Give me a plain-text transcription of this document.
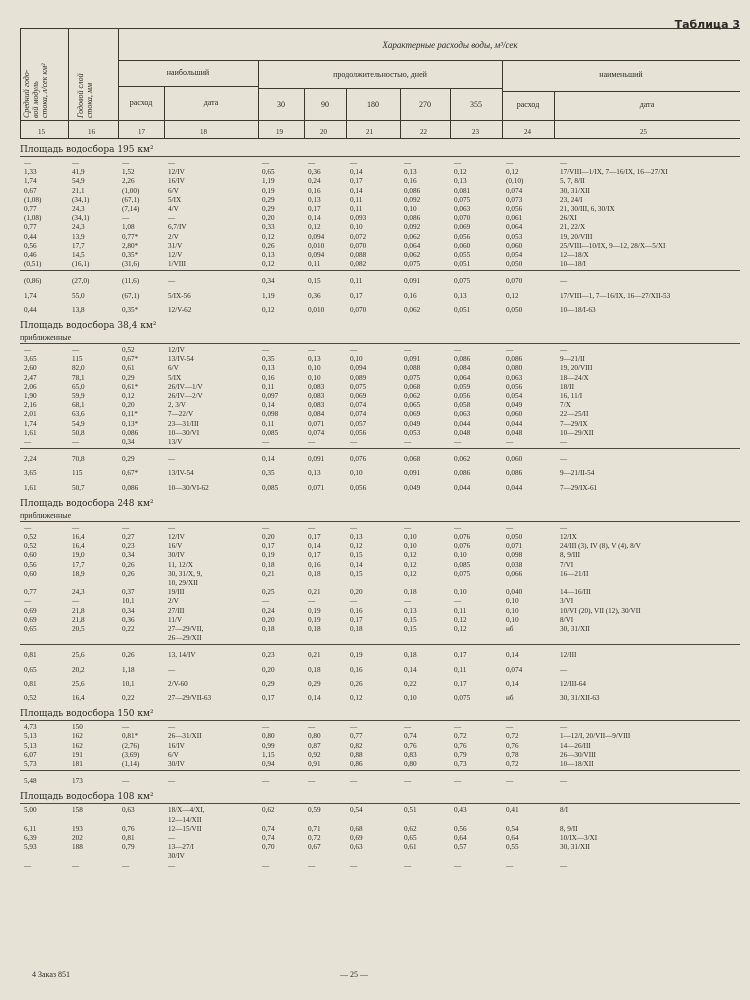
Таблица 3
Средний годо-
вой модуль
стока, л/сек км²
Годовой слой
стока, мм
Характерные расходы воды, м³/сек
наибольший	продолжительностью, дней	наименьший
расход	дата	30	90	180	270	355	расход	дата
15	16	17	18	19	20	21	22	23	24	25
Площадь водосбора 195 км²
—	—	—	—	—	—	—	—	—	—	—
1,33	41,9	1,52	12/IV	0,65	0,36	0,14	0,13	0,12	0,12	17/VIII—1/IX, 7—16/IX, 16—27/XI
1,74	54,9	2,26	16/IV	1,19	0,24	0,17	0,16	0,13	(0,10)	5, 7, 8/II
0,67	21,1	(1,00)	6/V	0,19	0,16	0,14	0,086	0,081	0,074	30, 31/XII
(1,08)	(34,1)	(67,1)	5/IX	0,29	0,13	0,11	0,092	0,075	0,073	23, 24/I
0,77	24,3	(7,14)	4/V	0,29	0,17	0,11	0,10	0,063	0,056	21, 30/III, 6, 30/IX
(1,08)	(34,1)	—	—	0,20	0,14	0,093	0,086	0,070	0,061	26/XI
0,77	24,3	1,08	6,7/IV	0,33	0,12	0,10	0,092	0,069	0,064	21, 22/X
0,44	13,9	0,77*	2/V	0,12	0,094	0,072	0,062	0,056	0,053	19, 20/VIII
0,56	17,7	2,80*	31/V	0,26	0,010	0,070	0,064	0,060	0,060	25/VIII—10/IX, 9—12, 28/X—5/XI
0,46	14,5	0,35*	12/V	0,13	0,094	0,088	0,062	0,055	0,054	12—18/X
(0,51)	(16,1)	(31,6)	1/VIII	0,12	0,11	0,082	0,075	0,051	0,050	10—18/I
(0,86)	(27,0)	(11,6)	—	0,34	0,15	0,11	0,091	0,075	0,070	—
1,74	55,0	(67,1)	5/IX-56	1,19	0,36	0,17	0,16	0,13	0,12	17/VIII—1, 7—16/IX, 16—27/XII-53
0,44	13,8	0,35*	12/V-62	0,12	0,010	0,070	0,062	0,051	0,050	10—18/I-63
Площадь водосбора 38,4 км²
приближенные
—	—	0,52	12/IV	—	—	—	—	—	—	—
3,65	115	0,67*	13/IV-54	0,35	0,13	0,10	0,091	0,086	0,086	9—21/II
2,60	82,0	0,61	6/V	0,13	0,10	0,094	0,088	0,084	0,080	19, 20/VIII
2,47	78,1	0,29	5/IX	0,16	0,10	0,089	0,075	0,064	0,063	18—24/X
2,06	65,0	0,61*	26/IV—1/V	0,11	0,083	0,075	0,068	0,059	0,056	18/II
1,90	59,9	0,12	26/IV—2/V	0,097	0,083	0,069	0,062	0,056	0,054	16, 11/I
2,16	68,1	0,20	2, 3/V	0,14	0,083	0,074	0,065	0,058	0,049	7/X
2,01	63,6	0,11*	7—22/V	0,098	0,084	0,074	0,069	0,063	0,060	22—25/II
1,74	54,9	0,13*	23—31/III	0,11	0,071	0,057	0,049	0,044	0,044	7—29/IX
1,61	50,8	0,086	10—30/VI	0,085	0,074	0,056	0,053	0,048	0,048	10—29/XII
—	—	0,34	13/V	—	—	—	—	—	—	—
2,24	70,8	0,29	—	0,14	0,091	0,076	0,068	0,062	0,060	—
3,65	115	0,67*	13/IV-54	0,35	0,13	0,10	0,091	0,086	0,086	9—21/II-54
1,61	50,7	0,086	10—30/VI-62	0,085	0,071	0,056	0,049	0,044	0,044	7—29/IX-61
Площадь водосбора 248 км²
приближенные
—	—	—	—	—	—	—	—	—	—	—
0,52	16,4	0,27	12/IV	0,20	0,17	0,13	0,10	0,076	0,050	12/IX
0,52	16,4	0,23	16/V	0,17	0,14	0,12	0,10	0,076	0,071	24/III (3), IV (8), V (4), 8/V
0,60	19,0	0,34	30/IV	0,19	0,17	0,15	0,12	0,10	0,098	8, 9/III
0,56	17,7	0,26	11, 12/X	0,18	0,16	0,14	0,12	0,085	0,038	7/VI
0,60	18,9	0,26	30, 31/X, 9,	0,21	0,18	0,15	0,12	0,075	0,066	16—21/II
10, 29/XII
0,77	24,3	0,37	19/III	0,25	0,21	0,20	0,18	0,10	0,040	14—16/III
—	—	10,1	2/V	—	—	—	—	—	0,10	3/VI
0,69	21,8	0,34	27/III	0,24	0,19	0,16	0,13	0,11	0,10	10/VI (20), VII (12), 30/VII
0,69	21,8	0,36	11/V	0,20	0,19	0,17	0,15	0,12	0,10	8/VI
0,65	20,5	0,22	27—29/VII,	0,18	0,18	0,18	0,15	0,12	нб	30, 31/XII
26—29/XII
0,81	25,6	0,26	13, 14/IV	0,23	0,21	0,19	0,18	0,17	0,14	12/III
0,65	20,2	1,18	—	0,20	0,18	0,16	0,14	0,11	0,074	—
0,81	25,6	10,1	2/V-60	0,29	0,29	0,26	0,22	0,17	0,14	12/III-64
0,52	16,4	0,22	27—29/VII-63	0,17	0,14	0,12	0,10	0,075	нб	30, 31/XII-63
Площадь водосбора 150 км²
4,73	150	—	—	—	—	—	—	—	—	—
5,13	162	0,81*	26—31/XII	0,80	0,80	0,77	0,74	0,72	0,72	1—12/I, 20/VII—9/VIII
5,13	162	(2,76)	16/IV	0,99	0,87	0,82	0,76	0,76	0,76	14—26/III
6,07	191	(3,69)	6/V	1,15	0,92	0,88	0,83	0,79	0,78	26—30/VIII
5,73	181	(1,14)	30/IV	0,94	0,91	0,86	0,80	0,73	0,72	10—18/XII
5,48	173	—	—	—	—	—	—	—	—	—
Площадь водосбора 108 км²
5,00	158	0,63	18/X—4/XI,	0,62	0,59	0,54	0,51	0,43	0,41	8/I
12—14/XII
6,11	193	0,76	12—15/VII	0,74	0,71	0,68	0,62	0,56	0,54	8, 9/II
6,39	202	0,81	—	0,74	0,72	0,69	0,65	0,64	0,64	10/IX—3/XI
5,93	188	0,79	13—27/I	0,70	0,67	0,63	0,61	0,57	0,55	30, 31/XII
30/IV
—	—	—	—	—	—	—	—	—	—	—
4 Заказ 851	— 25 —
